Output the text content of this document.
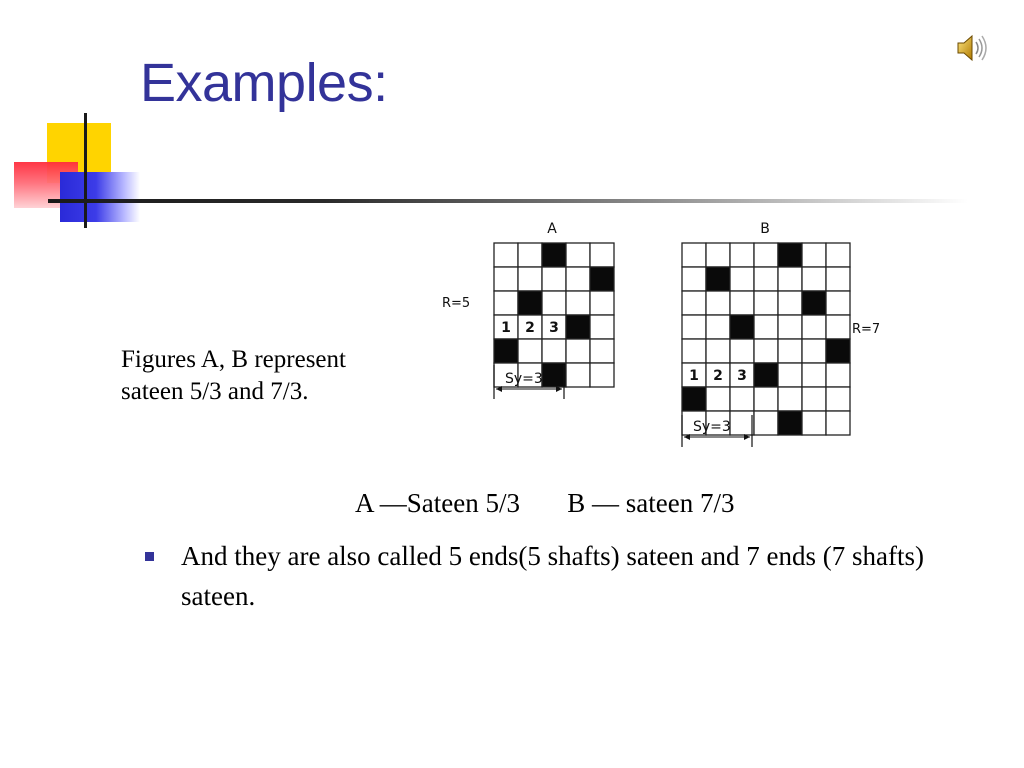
Examples:
Figures A, B represent
sateen 5/3 and 7/3.
A
R=5
1 2 3
Sy=3
B
R=7
1 2 3
Sy=3
A ―Sateen 5/3       B ― sateen 7/3
And they are also called 5 ends(5 shafts) sateen and 7 ends (7 shafts) sateen.
